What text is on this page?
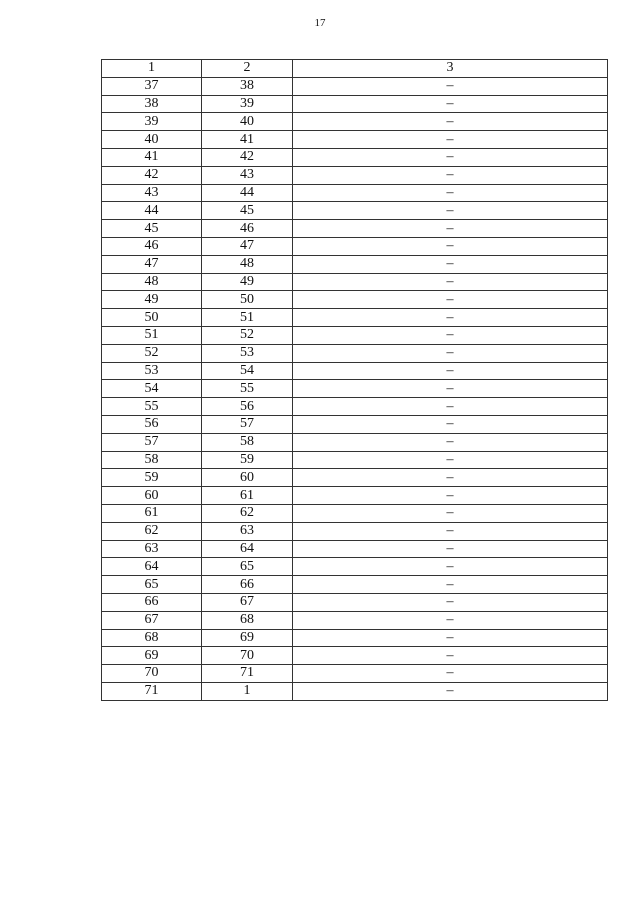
17
1	2	3
37	38	–
38	39	–
39	40	–
40	41	–
41	42	–
42	43	–
43	44	–
44	45	–
45	46	–
46	47	–
47	48	–
48	49	–
49	50	–
50	51	–
51	52	–
52	53	–
53	54	–
54	55	–
55	56	–
56	57	–
57	58	–
58	59	–
59	60	–
60	61	–
61	62	–
62	63	–
63	64	–
64	65	–
65	66	–
66	67	–
67	68	–
68	69	–
69	70	–
70	71	–
71	1	–
